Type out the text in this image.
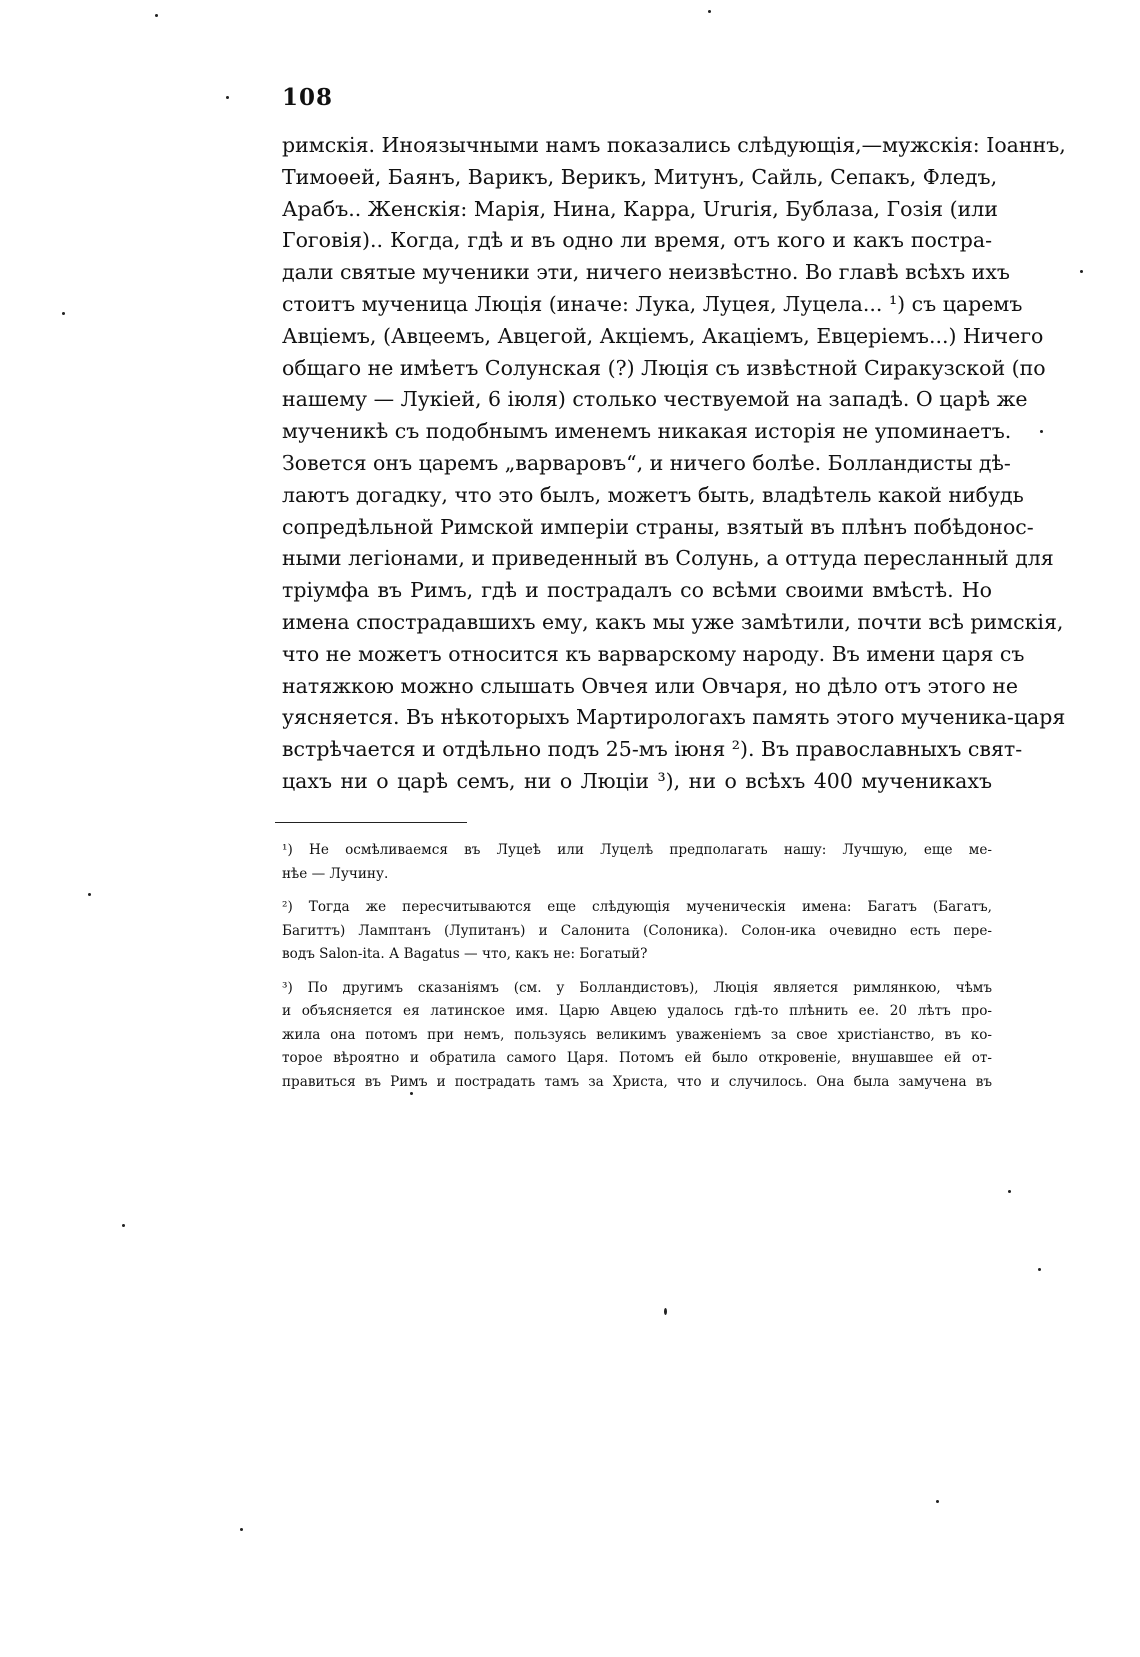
108
римскія. Иноязычными намъ показались слѣдующія,—мужскія: Іоаннъ,
Тимоѳей, Баянъ, Варикъ, Верикъ, Митунъ, Сайль, Сепакъ, Фледъ,
Арабъ.. Женскія: Марія, Нина, Карра, Ururія, Бублаза, Гозія (или
Гоговія).. Когда, гдѣ и въ одно ли время, отъ кого и какъ постра-
дали святые мученики эти, ничего неизвѣстно. Во главѣ всѣхъ ихъ
стоитъ мученица Люція (иначе: Лука, Луцея, Луцела... ¹) съ царемъ
Авціемъ, (Авцеемъ, Авцегой, Акціемъ, Акаціемъ, Евцеріемъ...) Ничего
общаго не имѣетъ Солунская (?) Люція съ извѣстной Сиракузской (по
нашему — Лукіей, 6 іюля) столько чествуемой на западѣ. О царѣ же
мученикѣ съ подобнымъ именемъ никакая исторія не упоминаетъ.
Зовется онъ царемъ „варваровъ“, и ничего болѣе. Болландисты дѣ-
лаютъ догадку, что это былъ, можетъ быть, владѣтель какой нибудь
сопредѣльной Римской имперіи страны, взятый въ плѣнъ побѣдонос-
ными легіонами, и приведенный въ Солунь, а оттуда пересланный для
тріумфа въ Римъ, гдѣ и пострадалъ со всѣми своими вмѣстѣ. Но
имена спострадавшихъ ему, какъ мы уже замѣтили, почти всѣ римскія,
что не можетъ относится къ варварскому народу. Въ имени царя съ
натяжкою можно слышать Овчея или Овчаря, но дѣло отъ этого не
уясняется. Въ нѣкоторыхъ Мартирологахъ память этого мученика-царя
встрѣчается и отдѣльно подъ 25-мъ іюня ²). Въ православныхъ свят-
цахъ ни о царѣ семъ, ни о Люціи ³), ни о всѣхъ 400 мученикахъ
¹) Не осмѣливаемся въ Луцеѣ или Луцелѣ предполагать нашу: Лучшую, еще ме-
нѣе — Лучину.
²) Тогда же пересчитываются еще слѣдующія мученическія имена: Багатъ (Багатъ,
Багиттъ) Ламптанъ (Лупитанъ) и Салонита (Солоника). Солон-ика очевидно есть пере-
водъ Salon-ita. А Bagatus — что, какъ не: Богатый?
³) По другимъ сказаніямъ (см. у Болландистовъ), Люція является римлянкою, чѣмъ
и объясняется ея латинское имя. Царю Авцею удалось гдѣ-то плѣнить ее. 20 лѣтъ про-
жила она потомъ при немъ, пользуясь великимъ уваженіемъ за свое христіанство, въ ко-
торое вѣроятно и обратила самого Царя. Потомъ ей было откровеніе, внушавшее ей от-
правиться въ Римъ и пострадать тамъ за Христа, что и случилось. Она была замучена въ
